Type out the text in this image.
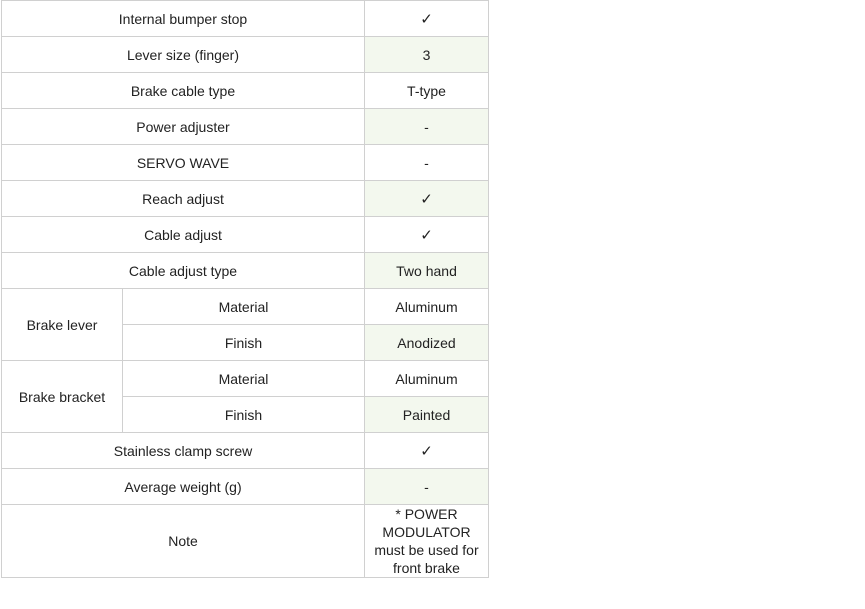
Internal bumper stop		✓
Lever size (finger)		3
Brake cable type		T-type
Power adjuster		-
SERVO WAVE		-
Reach adjust		✓
Cable adjust		✓
Cable adjust type		Two hand
Brake lever	Material	Aluminum
	Finish	Anodized
Brake bracket	Material	Aluminum
	Finish	Painted
Stainless clamp screw		✓
Average weight (g)		-
Note		* POWER MODULATOR must be used for front brake
